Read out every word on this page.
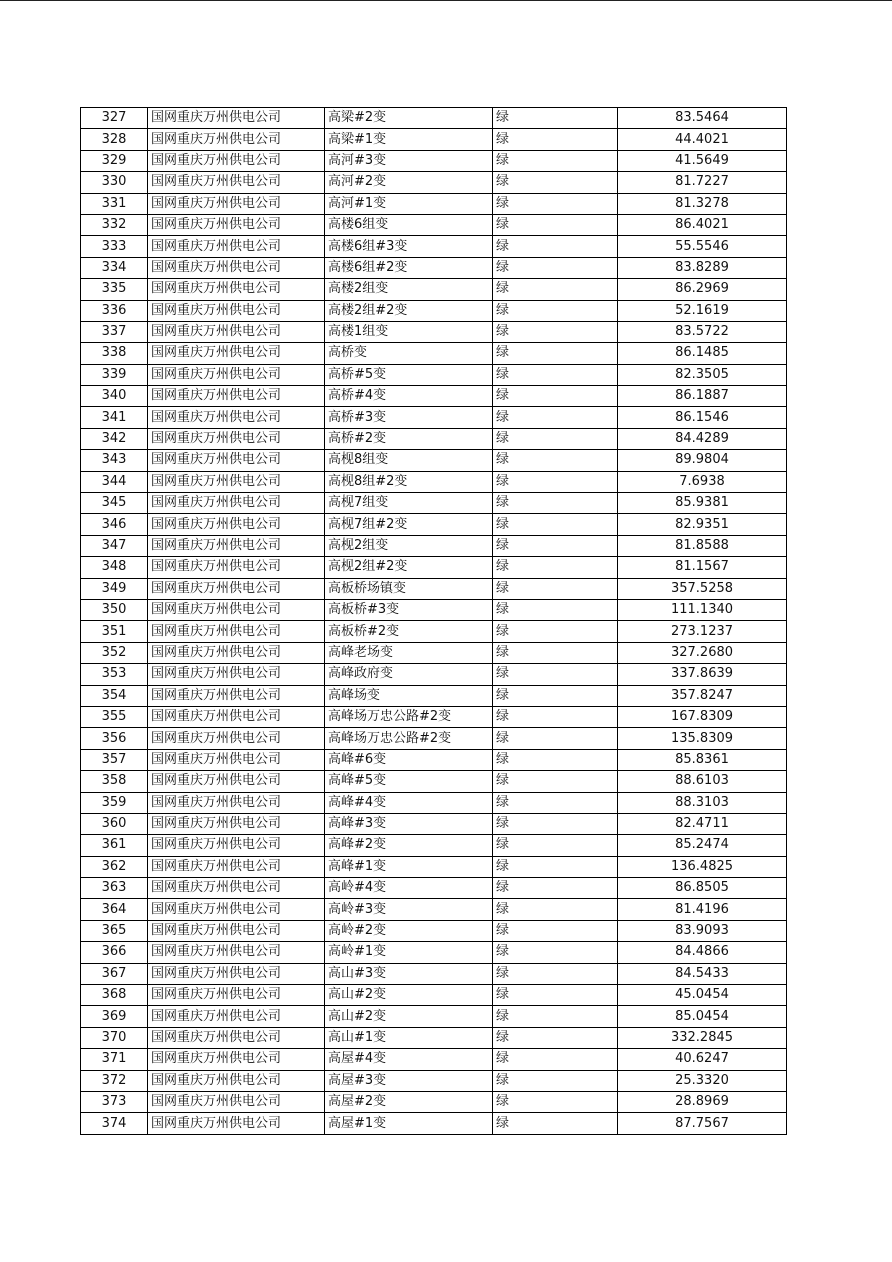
327	国网重庆万州供电公司	高梁#2变	绿	83.5464
328	国网重庆万州供电公司	高梁#1变	绿	44.4021
329	国网重庆万州供电公司	高河#3变	绿	41.5649
330	国网重庆万州供电公司	高河#2变	绿	81.7227
331	国网重庆万州供电公司	高河#1变	绿	81.3278
332	国网重庆万州供电公司	高楼6组变	绿	86.4021
333	国网重庆万州供电公司	高楼6组#3变	绿	55.5546
334	国网重庆万州供电公司	高楼6组#2变	绿	83.8289
335	国网重庆万州供电公司	高楼2组变	绿	86.2969
336	国网重庆万州供电公司	高楼2组#2变	绿	52.1619
337	国网重庆万州供电公司	高楼1组变	绿	83.5722
338	国网重庆万州供电公司	高桥变	绿	86.1485
339	国网重庆万州供电公司	高桥#5变	绿	82.3505
340	国网重庆万州供电公司	高桥#4变	绿	86.1887
341	国网重庆万州供电公司	高桥#3变	绿	86.1546
342	国网重庆万州供电公司	高桥#2变	绿	84.4289
343	国网重庆万州供电公司	高枧8组变	绿	89.9804
344	国网重庆万州供电公司	高枧8组#2变	绿	7.6938
345	国网重庆万州供电公司	高枧7组变	绿	85.9381
346	国网重庆万州供电公司	高枧7组#2变	绿	82.9351
347	国网重庆万州供电公司	高枧2组变	绿	81.8588
348	国网重庆万州供电公司	高枧2组#2变	绿	81.1567
349	国网重庆万州供电公司	高板桥场镇变	绿	357.5258
350	国网重庆万州供电公司	高板桥#3变	绿	111.1340
351	国网重庆万州供电公司	高板桥#2变	绿	273.1237
352	国网重庆万州供电公司	高峰老场变	绿	327.2680
353	国网重庆万州供电公司	高峰政府变	绿	337.8639
354	国网重庆万州供电公司	高峰场变	绿	357.8247
355	国网重庆万州供电公司	高峰场万忠公路#2变	绿	167.8309
356	国网重庆万州供电公司	高峰场万忠公路#2变	绿	135.8309
357	国网重庆万州供电公司	高峰#6变	绿	85.8361
358	国网重庆万州供电公司	高峰#5变	绿	88.6103
359	国网重庆万州供电公司	高峰#4变	绿	88.3103
360	国网重庆万州供电公司	高峰#3变	绿	82.4711
361	国网重庆万州供电公司	高峰#2变	绿	85.2474
362	国网重庆万州供电公司	高峰#1变	绿	136.4825
363	国网重庆万州供电公司	高岭#4变	绿	86.8505
364	国网重庆万州供电公司	高岭#3变	绿	81.4196
365	国网重庆万州供电公司	高岭#2变	绿	83.9093
366	国网重庆万州供电公司	高岭#1变	绿	84.4866
367	国网重庆万州供电公司	高山#3变	绿	84.5433
368	国网重庆万州供电公司	高山#2变	绿	45.0454
369	国网重庆万州供电公司	高山#2变	绿	85.0454
370	国网重庆万州供电公司	高山#1变	绿	332.2845
371	国网重庆万州供电公司	高屋#4变	绿	40.6247
372	国网重庆万州供电公司	高屋#3变	绿	25.3320
373	国网重庆万州供电公司	高屋#2变	绿	28.8969
374	国网重庆万州供电公司	高屋#1变	绿	87.7567
